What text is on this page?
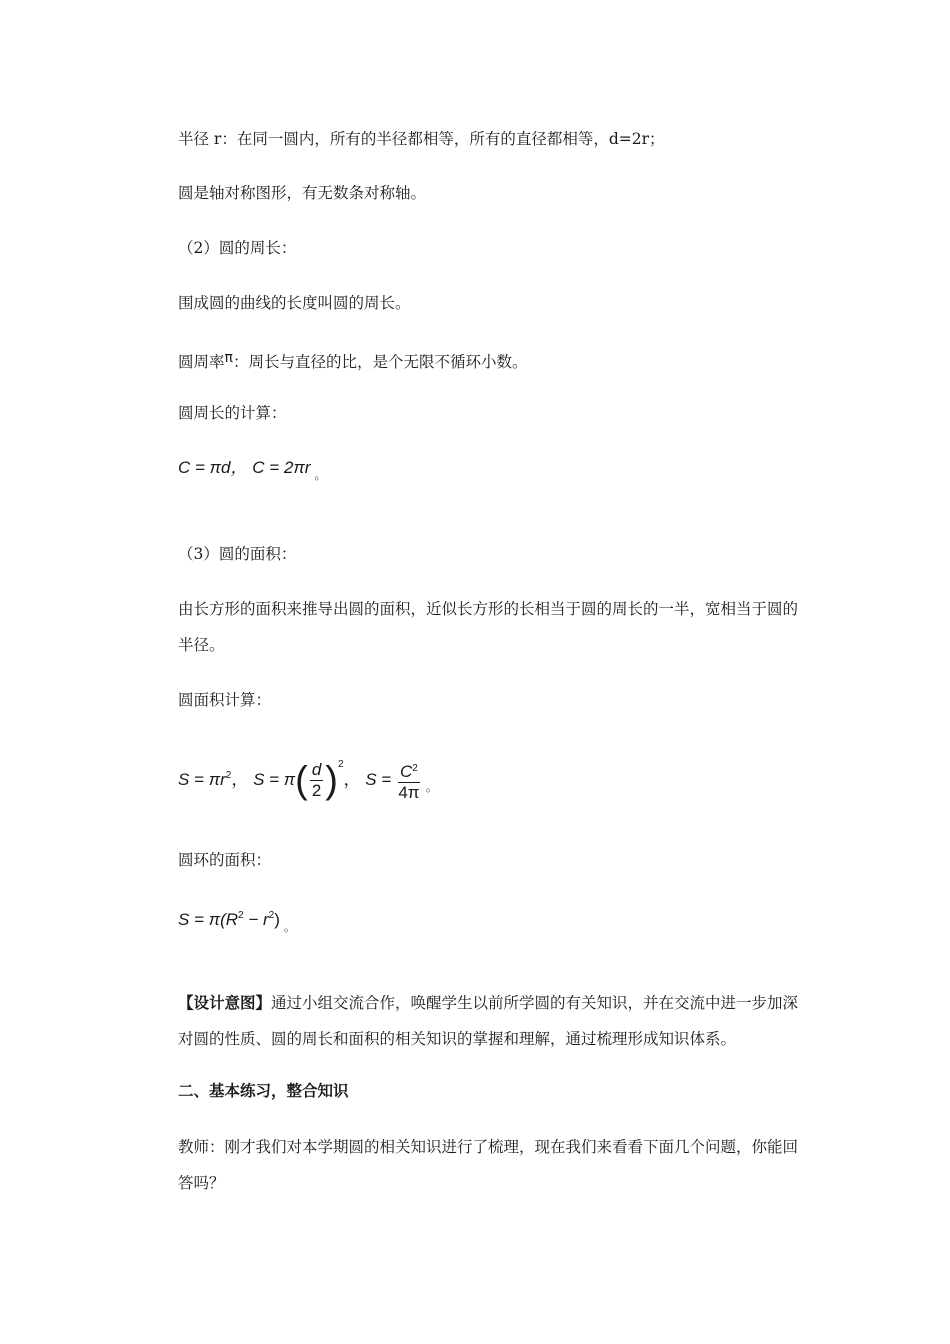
半径 r：在同一圆内，所有的半径都相等，所有的直径都相等，d=2r；
圆是轴对称图形，有无数条对称轴。
（2）圆的周长：
围成圆的曲线的长度叫圆的周长。
圆周率π：周长与直径的比，是个无限不循环小数。
圆周长的计算：
C = πd， C = 2πr $_。$
（3）圆的面积：
由长方形的面积来推导出圆的面积，近似长方形的长相当于圆的周长的一半，宽相当于圆的半径。
圆面积计算：
$S = \pi r^2$， $S = \pi( \frac{d}{2} )^2$， $S = \frac{C^2}{4\pi} _。$
圆环的面积：
$S = \pi(R^2 - r^2)$ $_。$
【设计意图】通过小组交流合作，唤醒学生以前所学圆的有关知识，并在交流中进一步加深对圆的性质、圆的周长和面积的相关知识的掌握和理解，通过梳理形成知识体系。
二、基本练习，整合知识
教师：刚才我们对本学期圆的相关知识进行了梳理，现在我们来看看下面几个问题，你能回答吗？
